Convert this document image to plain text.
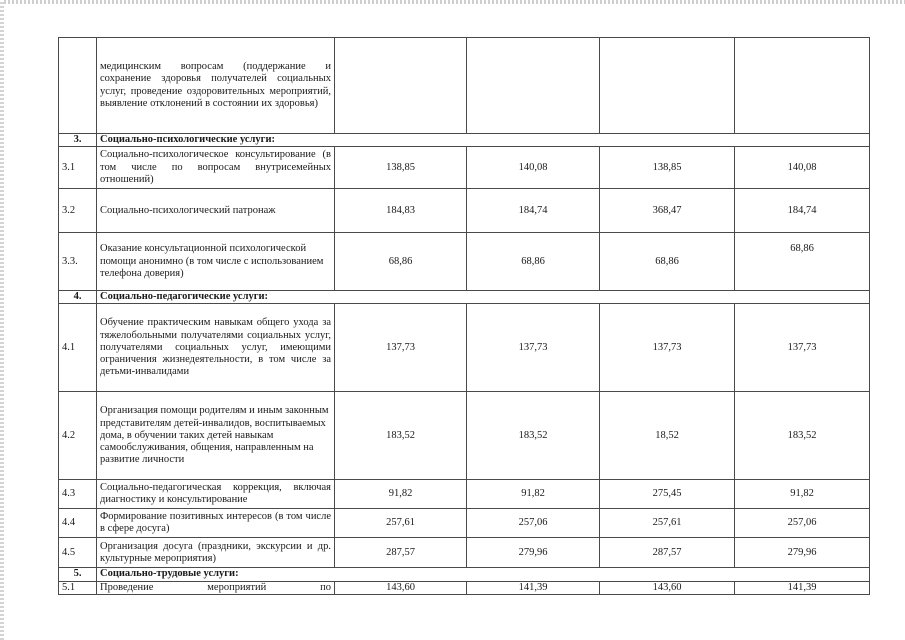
	медицинским вопросам (поддержание и сохранение здоровья получателей социальных услуг, проведение оздоровительных мероприятий, выявление отклонений в состоянии их здоровья)				
3.	Социально-психологические услуги:				
3.1	Социально-психологическое консультирование (в том числе по вопросам внутрисемейных отношений)	138,85	140,08	138,85	140,08
3.2	Социально-психологический патронаж	184,83	184,74	368,47	184,74
3.3.	Оказание консультационной психологической помощи анонимно (в том числе с использованием телефона доверия)	68,86	68,86	68,86	68,86
4.	Социально-педагогические услуги:				
4.1	Обучение практическим навыкам общего ухода за тяжелобольными получателями социальных услуг, получателями социальных услуг, имеющими ограничения жизнедеятельности, в том числе за детьми-инвалидами	137,73	137,73	137,73	137,73
4.2	Организация помощи родителям и иным законным представителям детей-инвалидов, воспитываемых дома, в обучении таких детей навыкам самообслуживания, общения, направленным на развитие личности	183,52	183,52	18,52	183,52
4.3	Социально-педагогическая коррекция, включая диагностику и консультирование	91,82	91,82	275,45	91,82
4.4	Формирование позитивных интересов (в том числе в сфере досуга)	257,61	257,06	257,61	257,06
4.5	Организация досуга (праздники, экскурсии и др. культурные мероприятия)	287,57	279,96	287,57	279,96
5.	Социально-трудовые услуги:				
5.1	Проведение мероприятий по	143,60	141,39	143,60	141,39
